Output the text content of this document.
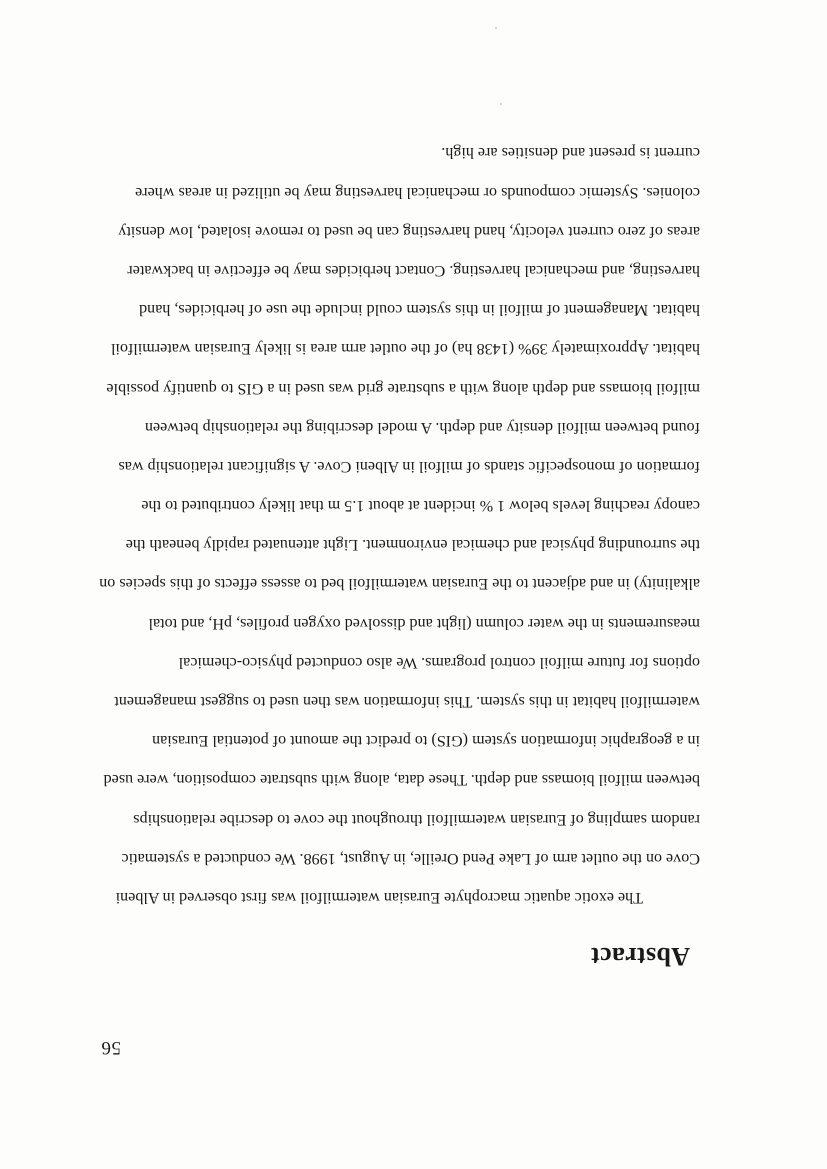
56
Abstract
The exotic aquatic macrophyte Eurasian watermilfoil was first observed in Albeni
Cove on the outlet arm of Lake Pend Oreille, in August, 1998. We conducted a systematic
random sampling of Eurasian watermilfoil throughout the cove to describe relationships
between milfoil biomass and depth. These data, along with substrate composition, were used
in a geographic information system (GIS) to predict the amount of potential Eurasian
watermilfoil habitat in this system. This information was then used to suggest management
options for future milfoil control programs. We also conducted physico-chemical
measurements in the water column (light and dissolved oxygen profiles, pH, and total
alkalinity) in and adjacent to the Eurasian watermilfoil bed to assess effects of this species on
the surrounding physical and chemical environment. Light attenuated rapidly beneath the
canopy reaching levels below 1 % incident at about 1.5 m that likely contributed to the
formation of monospecific stands of milfoil in Albeni Cove. A significant relationship was
found between milfoil density and depth. A model describing the relationship between
milfoil biomass and depth along with a substrate grid was used in a GIS to quantify possible
habitat. Approximately 39% (1438 ha) of the outlet arm area is likely Eurasian watermilfoil
habitat. Management of milfoil in this system could include the use of herbicides, hand
harvesting, and mechanical harvesting. Contact herbicides may be effective in backwater
areas of zero current velocity, hand harvesting can be used to remove isolated, low density
colonies. Systemic compounds or mechanical harvesting may be utilized in areas where
current is present and densities are high.
